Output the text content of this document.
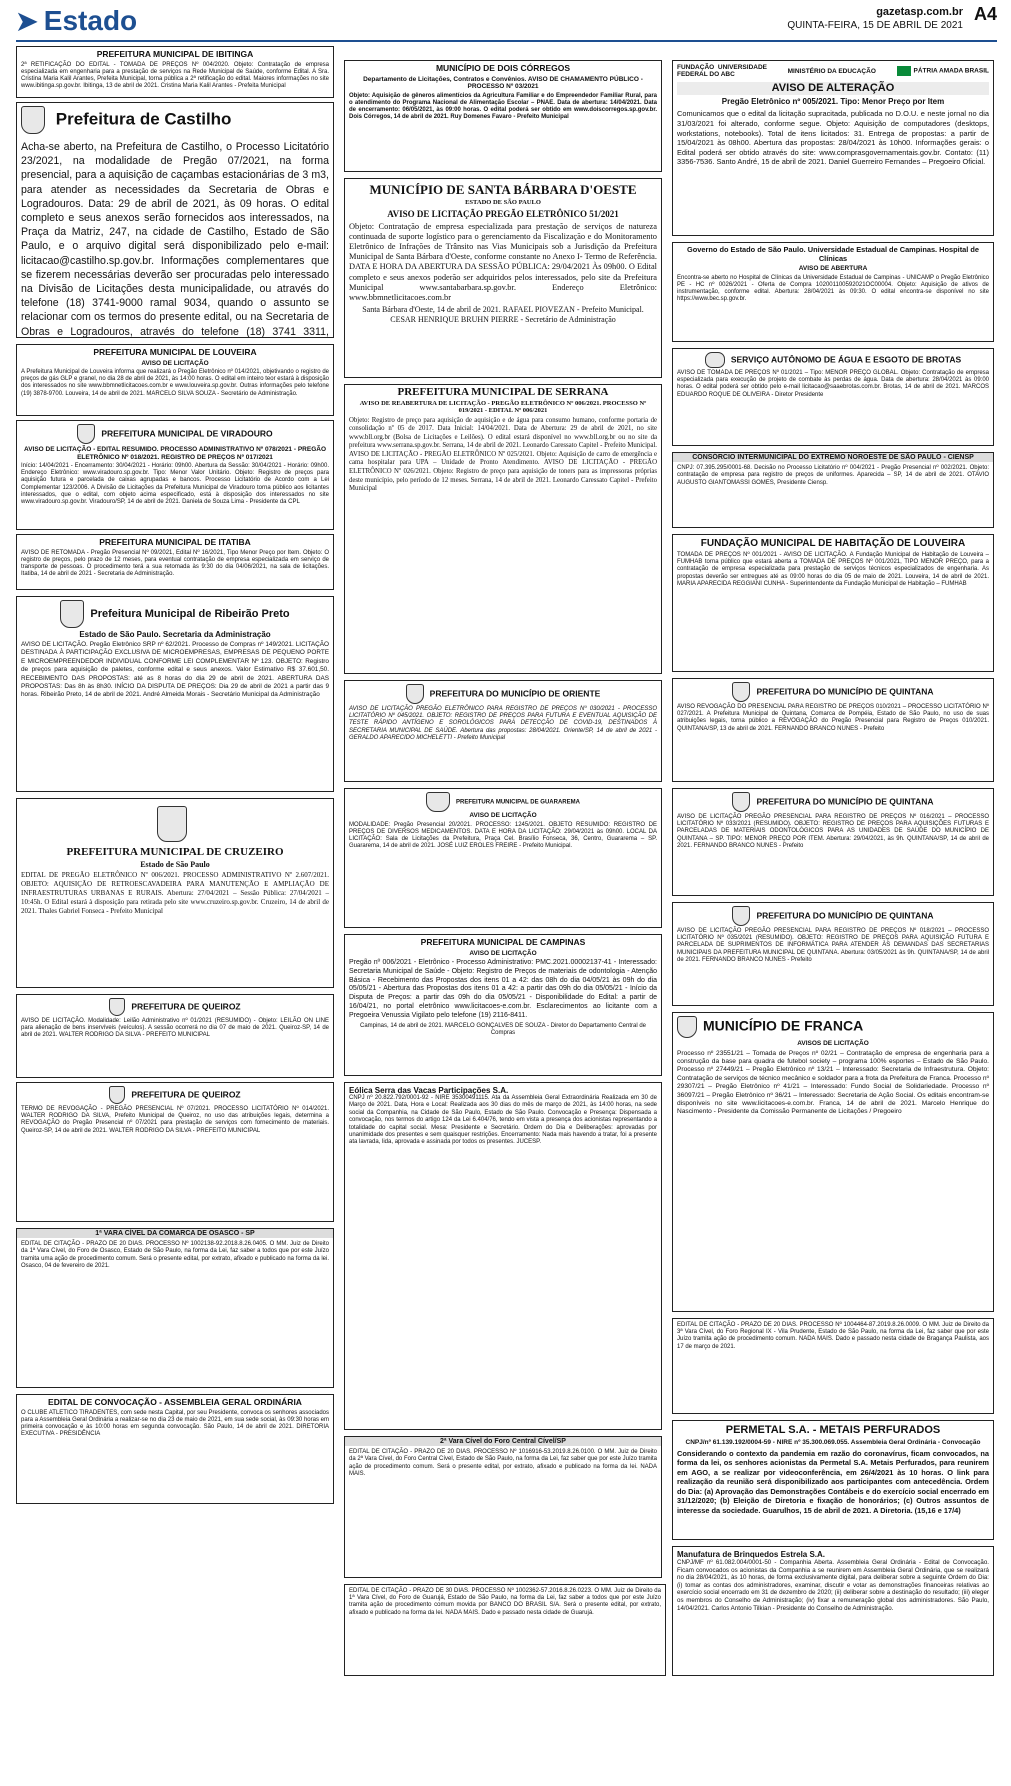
➤ Estado	gazetasp.com.br
QUINTA-FEIRA, 15 DE ABRIL DE 2021
A4
PREFEITURA MUNICIPAL DE IBITINGA
2ª RETIFICAÇÃO DO EDITAL - TOMADA DE PREÇOS Nº 004/2020. Objeto: Contratação de empresa especializada em engenharia para a prestação de serviços na Rede Municipal de Saúde, conforme Edital. A Sra. Cristina Maria Kalil Arantes, Prefeita Municipal, torna pública a 2ª retificação do edital. Maiores informações no site www.ibitinga.sp.gov.br. Ibitinga, 13 de abril de 2021. Cristina Maria Kalil Arantes - Prefeita Municipal
Prefeitura de Castilho
Acha-se aberto, na Prefeitura de Castilho, o Processo Licitatório 23/2021, na modalidade de Pregão 07/2021, na forma presencial, para a aquisição de caçambas estacionárias de 3 m3, para atender as necessidades da Secretaria de Obras e Logradouros. Data: 29 de abril de 2021, às 09 horas. O edital completo e seus anexos serão fornecidos aos interessados, na Praça da Matriz, 247, na cidade de Castilho, Estado de São Paulo, e o arquivo digital será disponibilizado pelo e-mail: licitacao@castilho.sp.gov.br. Informações complementares que se fizerem necessárias deverão ser procuradas pelo interessado na Divisão de Licitações desta municipalidade, ou através do telefone (18) 3741-9000 ramal 9034, quando o assunto se relacionar com os termos do presente edital, ou na Secretaria de Obras e Logradouros, através do telefone (18) 3741 3311,
PREFEITURA MUNICIPAL DE LOUVEIRA
AVISO DE LICITAÇÃO
A Prefeitura Municipal de Louveira informa que realizará o Pregão Eletrônico nº 014/2021, objetivando o registro de preços de gás GLP e granel, no dia 28 de abril de 2021, às 14:00 horas. O edital em inteiro teor estará à disposição dos interessados no site www.bbmnetlicitacoes.com.br e www.louveira.sp.gov.br. Outras informações pelo telefone (19) 3878-9700. Louveira, 14 de abril de 2021. MARCELO SILVA SOUZA - Secretário de Administração.
PREFEITURA MUNICIPAL DE VIRADOURO
AVISO DE LICITAÇÃO - EDITAL RESUMIDO. PROCESSO ADMINISTRATIVO Nº 078/2021 - PREGÃO ELETRÔNICO Nº 018/2021. REGISTRO DE PREÇOS Nº 017/2021
Início: 14/04/2021 - Encerramento: 30/04/2021 - Horário: 09h00. Abertura da Sessão: 30/04/2021 - Horário: 09h00. Endereço Eletrônico: www.viradouro.sp.gov.br. Tipo: Menor Valor Unitário. Objeto: Registro de preços para aquisição futura e parcelada de caixas agrupadas e bancos. Processo Licitatório de Acordo com a Lei Complementar 123/2006. A Divisão de Licitações da Prefeitura Municipal de Viradouro torna público aos licitantes interessados, que o edital, com objeto acima especificado, está à disposição dos interessados no site www.viradouro.sp.gov.br. Viradouro/SP, 14 de abril de 2021. Daniela de Souza Lima - Presidente da CPL
PREFEITURA MUNICIPAL DE ITATIBA
AVISO DE RETOMADA - Pregão Presencial Nº 09/2021, Edital Nº 16/2021, Tipo Menor Preço por Item. Objeto: O registro de preços, pelo prazo de 12 meses, para eventual contratação de empresa especializada em serviço de transporte de pessoas. O procedimento terá a sua retomada às 9:30 do dia 04/06/2021, na sala de licitações. Itatiba, 14 de abril de 2021 - Secretaria de Administração.
Prefeitura Municipal de Ribeirão Preto
Estado de São Paulo. Secretaria da Administração
AVISO DE LICITAÇÃO. Pregão Eletrônico SRP nº 62/2021. Processo de Compras nº 149/2021. LICITAÇÃO DESTINADA À PARTICIPAÇÃO EXCLUSIVA DE MICROEMPRESAS, EMPRESAS DE PEQUENO PORTE E MICROEMPREENDEDOR INDIVIDUAL CONFORME LEI COMPLEMENTAR Nº 123. OBJETO: Registro de preços para aquisição de paletes, conforme edital e seus anexos. Valor Estimativo R$ 37.601,50. RECEBIMENTO DAS PROPOSTAS: até as 8 horas do dia 29 de abril de 2021. ABERTURA DAS PROPOSTAS: Das 8h às 8h30. INÍCIO DA DISPUTA DE PREÇOS: Dia 29 de abril de 2021 a partir das 9 horas. Ribeirão Preto, 14 de abril de 2021. André Almeida Morais - Secretário Municipal da Administração
PREFEITURA MUNICIPAL DE CRUZEIRO
Estado de São Paulo
EDITAL DE PREGÃO ELETRÔNICO Nº 006/2021. PROCESSO ADMINISTRATIVO Nº 2.607/2021. OBJETO: AQUISIÇÃO DE RETROESCAVADEIRA PARA MANUTENÇÃO E AMPLIAÇÃO DE INFRAESTRUTURAS URBANAS E RURAIS. Abertura: 27/04/2021 – Sessão Pública: 27/04/2021 – 10:45h. O Edital estará à disposição para retirada pelo site www.cruzeiro.sp.gov.br. Cruzeiro, 14 de abril de 2021. Thales Gabriel Fonseca - Prefeito Municipal
PREFEITURA DE QUEIROZ
AVISO DE LICITAÇÃO. Modalidade: Leilão Administrativo nº 01/2021 (RESUMIDO) - Objeto: LEILÃO ON LINE para alienação de bens inservíveis (veículos). A sessão ocorrerá no dia 07 de maio de 2021. Queiroz-SP, 14 de abril de 2021. WALTER RODRIGO DA SILVA - PREFEITO MUNICIPAL
PREFEITURA DE QUEIROZ
TERMO DE REVOGAÇÃO - PREGÃO PRESENCIAL Nº 07/2021. PROCESSO LICITATÓRIO Nº 014/2021. WALTER RODRIGO DA SILVA, Prefeito Municipal de Queiroz, no uso das atribuições legais, determina a REVOGAÇÃO do Pregão Presencial nº 07/2021 para prestação de serviços com fornecimento de materiais. Queiroz-SP, 14 de abril de 2021. WALTER RODRIGO DA SILVA - PREFEITO MUNICIPAL
1ª VARA CÍVEL DA COMARCA DE OSASCO - SP
EDITAL DE CITAÇÃO - PRAZO DE 20 DIAS. PROCESSO Nº 1002138-92.2018.8.26.0405. O MM. Juiz de Direito da 1ª Vara Cível, do Foro de Osasco, Estado de São Paulo, na forma da Lei, faz saber a todos que por este Juízo tramita uma ação de procedimento comum. Será o presente edital, por extrato, afixado e publicado na forma da lei. Osasco, 04 de fevereiro de 2021.
EDITAL DE CONVOCAÇÃO - ASSEMBLEIA GERAL ORDINÁRIA
O CLUBE ATLETICO TIRADENTES, com sede nesta Capital, por seu Presidente, convoca os senhores associados para a Assembleia Geral Ordinária a realizar-se no dia 23 de maio de 2021, em sua sede social, às 09:30 horas em primeira convocação e às 10:00 horas em segunda convocação. São Paulo, 14 de abril de 2021. DIRETORIA EXECUTIVA - PRESIDÊNCIA
MUNICÍPIO DE DOIS CÓRREGOS
Departamento de Licitações, Contratos e Convênios. AVISO DE CHAMAMENTO PÚBLICO - PROCESSO Nº 03/2021
Objeto: Aquisição de gêneros alimentícios da Agricultura Familiar e do Empreendedor Familiar Rural, para o atendimento do Programa Nacional de Alimentação Escolar – PNAE. Data de abertura: 14/04/2021. Data de encerramento: 06/05/2021, às 09:00 horas. O edital poderá ser obtido em www.doiscorregos.sp.gov.br. Dois Córregos, 14 de abril de 2021. Ruy Domenes Favaro - Prefeito Municipal
MUNICÍPIO DE SANTA BÁRBARA D'OESTE
ESTADO DE SÃO PAULO
AVISO DE LICITAÇÃO PREGÃO ELETRÔNICO 51/2021
Objeto: Contratação de empresa especializada para prestação de serviços de natureza continuada de suporte logístico para o gerenciamento da Fiscalização e do Monitoramento Eletrônico de Infrações de Trânsito nas Vias Municipais sob a Jurisdição da Prefeitura Municipal de Santa Bárbara d'Oeste, conforme constante no Anexo I- Termo de Referência. DATA E HORA DA ABERTURA DA SESSÃO PÚBLICA: 29/04/2021 Às 09h00. O Edital completo e seus anexos poderão ser adquiridos pelos interessados, pelo site da Prefeitura Municipal www.santabarbara.sp.gov.br. Endereço Eletrônico: www.bbmnetlicitacoes.com.br
Santa Bárbara d'Oeste, 14 de abril de 2021. RAFAEL PIOVEZAN - Prefeito Municipal. CESAR HENRIQUE BRUHN PIERRE - Secretário de Administração
PREFEITURA MUNICIPAL DE SERRANA
AVISO DE REABERTURA DE LICITAÇÃO - PREGÃO ELETRÔNICO Nº 006/2021. PROCESSO Nº 019/2021 - EDITAL Nº 006/2021
Objeto: Registro de preço para aquisição de aquisição e de água para consumo humano, conforme portaria de consolidação nº 05 de 2017. Data Inicial: 14/04/2021. Data de Abertura: 29 de abril de 2021, no site www.bll.org.br (Bolsa de Licitações e Leilões). O edital estará disponível no www.bll.org.br ou no site da prefeitura www.serrana.sp.gov.br. Serrana, 14 de abril de 2021. Leonardo Caressato Capitel - Prefeito Municipal. AVISO DE LICITAÇÃO - PREGÃO ELETRÔNICO Nº 025/2021. Objeto: Aquisição de carro de emergência e cama hospitalar para UPA – Unidade de Pronto Atendimento. AVISO DE LICITAÇÃO - PREGÃO ELETRÔNICO Nº 026/2021. Objeto: Registro de preço para aquisição de toners para as impressoras próprias deste município, pelo período de 12 meses. Serrana, 14 de abril de 2021. Leonardo Caressato Capitel - Prefeito Municipal
PREFEITURA DO MUNICÍPIO DE ORIENTE
AVISO DE LICITAÇÃO PREGÃO ELETRÔNICO PARA REGISTRO DE PREÇOS Nº 030/2021 - PROCESSO LICITATÓRIO Nº 045/2021. OBJETO: REGISTRO DE PREÇOS PARA FUTURA E EVENTUAL AQUISIÇÃO DE TESTE RÁPIDO ANTÍGENO E SOROLÓGICOS PARA DETECÇÃO DE COVID-19, DESTINADOS À SECRETARIA MUNICIPAL DE SAÚDE. Abertura das propostas: 28/04/2021. Oriente/SP, 14 de abril de 2021 - GERALDO APARECIDO MICHELETTI - Prefeito Municipal
PREFEITURA MUNICIPAL DE GUARAREMA
AVISO DE LICITAÇÃO
MODALIDADE: Pregão Presencial 20/2021. PROCESSO: 1245/2021. OBJETO RESUMIDO: REGISTRO DE PREÇOS DE DIVERSOS MEDICAMENTOS. DATA E HORA DA LICITAÇÃO: 29/04/2021 às 09h00. LOCAL DA LICITAÇÃO: Sala de Licitações da Prefeitura, Praça Cel. Brasílio Fonseca, 36, Centro, Guararema – SP. Guararema, 14 de abril de 2021. JOSÉ LUIZ EROLES FREIRE - Prefeito Municipal.
PREFEITURA MUNICIPAL DE CAMPINAS
AVISO DE LICITAÇÃO
Pregão nº 006/2021 - Eletrônico - Processo Administrativo: PMC.2021.00002137-41 - Interessado: Secretaria Municipal de Saúde - Objeto: Registro de Preços de materiais de odontologia - Atenção Básica - Recebimento das Propostas dos itens 01 a 42: das 08h do dia 04/05/21 às 09h do dia 05/05/21 - Abertura das Propostas dos itens 01 a 42: a partir das 09h do dia 05/05/21 - Início da Disputa de Preços: a partir das 09h do dia 05/05/21 - Disponibilidade do Edital: a partir de 16/04/21, no portal eletrônico www.licitacoes-e.com.br. Esclarecimentos ao licitante com a Pregoeira Venussia Vigilato pelo telefone (19) 2116-8411.
Campinas, 14 de abril de 2021. MARCELO GONÇALVES DE SOUZA - Diretor do Departamento Central de Compras
Eólica Serra das Vacas Participações S.A.
CNPJ nº 20.822.792/0001-92 - NIRE 35300491115. Ata da Assembleia Geral Extraordinária Realizada em 30 de Março de 2021. Data, Hora e Local: Realizada aos 30 dias do mês de março de 2021, às 14:00 horas, na sede social da Companhia, na Cidade de São Paulo, Estado de São Paulo. Convocação e Presença: Dispensada a convocação, nos termos do artigo 124 da Lei 6.404/76, tendo em vista a presença dos acionistas representando a totalidade do capital social. Mesa: Presidente e Secretário. Ordem do Dia e Deliberações: aprovadas por unanimidade dos presentes e sem quaisquer restrições. Encerramento: Nada mais havendo a tratar, foi a presente ata lavrada, lida, aprovada e assinada por todos os presentes. JUCESP.
2ª Vara Cível do Foro Central Cível/SP
EDITAL DE CITAÇÃO - PRAZO DE 20 DIAS. PROCESSO Nº 1016916-53.2019.8.26.0100. O MM. Juiz de Direito da 2ª Vara Cível, do Foro Central Cível, Estado de São Paulo, na forma da Lei, faz saber que por este Juízo tramita ação de procedimento comum. Será o presente edital, por extrato, afixado e publicado na forma da lei. NADA MAIS.
FUNDAÇÃO UNIVERSIDADE FEDERAL DO ABC
MINISTÉRIO DA EDUCAÇÃO	PÁTRIA AMADA BRASIL
AVISO DE ALTERAÇÃO
Pregão Eletrônico nº 005/2021. Tipo: Menor Preço por Item
Comunicamos que o edital da licitação supracitada, publicada no D.O.U. e neste jornal no dia 31/03/2021 foi alterado, conforme segue. Objeto: Aquisição de computadores (desktops, workstations, notebooks). Total de itens licitados: 31. Entrega de propostas: a partir de 15/04/2021 às 08h00. Abertura das propostas: 28/04/2021 às 10h00. Informações gerais: o Edital poderá ser obtido através do site: www.comprasgovernamentais.gov.br. Contato: (11) 3356-7536. Santo André, 15 de abril de 2021. Daniel Guerreiro Fernandes – Pregoeiro Oficial.
Governo do Estado de São Paulo. Universidade Estadual de Campinas. Hospital de Clínicas
AVISO DE ABERTURA
Encontra-se aberto no Hospital de Clínicas da Universidade Estadual de Campinas - UNICAMP o Pregão Eletrônico PE - HC nº 0026/2021 - Oferta de Compra 102001100592021OC00004. Objeto: Aquisição de ativos de instrumentação, conforme edital. Abertura: 28/04/2021 às 09:30. O edital encontra-se disponível no site https://www.bec.sp.gov.br.
SERVIÇO AUTÔNOMO DE ÁGUA E ESGOTO DE BROTAS
AVISO DE TOMADA DE PREÇOS Nº 01/2021 – Tipo: MENOR PREÇO GLOBAL. Objeto: Contratação de empresa especializada para execução de projeto de combate às perdas de água. Data de abertura: 28/04/2021 às 09:00 horas. O edital poderá ser obtido pelo e-mail licitacao@saaebrotas.com.br. Brotas, 14 de abril de 2021. MARCOS EDUARDO ROQUE DE OLIVEIRA - Diretor Presidente
CONSÓRCIO INTERMUNICIPAL DO EXTREMO NOROESTE DE SÃO PAULO - CIENSP
CNPJ: 07.395.295/0001-68. Decisão no Processo Licitatório nº 004/2021 - Pregão Presencial nº 002/2021. Objeto: contratação de empresa para registro de preços de uniformes. Aparecida – SP, 14 de abril de 2021. OTAVIO AUGUSTO GIANTOMASSI GOMES, Presidente Ciensp.
FUNDAÇÃO MUNICIPAL DE HABITAÇÃO DE LOUVEIRA
TOMADA DE PREÇOS Nº 001/2021 - AVISO DE LICITAÇÃO. A Fundação Municipal de Habitação de Louveira – FUMHAB torna público que estará aberta a TOMADA DE PREÇOS Nº 001/2021, TIPO MENOR PREÇO, para a contratação de empresa especializada para prestação de serviços técnicos especializados de engenharia. As propostas deverão ser entregues até as 09:00 horas do dia 05 de maio de 2021. Louveira, 14 de abril de 2021. MARIA APARECIDA REGGIANI CUNHA - Superintendente da Fundação Municipal de Habitação – FUMHAB
PREFEITURA DO MUNICÍPIO DE QUINTANA
AVISO REVOGAÇÃO DO PRESENCIAL PARA REGISTRO DE PREÇOS 010/2021 – PROCESSO LICITATÓRIO Nº 027/2021. A Prefeitura Municipal de Quintana, Comarca de Pompéia, Estado de São Paulo, no uso de suas atribuições legais, torna público a REVOGAÇÃO do Pregão Presencial para Registro de Preços 010/2021. QUINTANA/SP, 13 de abril de 2021. FERNANDO BRANCO NUNES - Prefeito
PREFEITURA DO MUNICÍPIO DE QUINTANA
AVISO DE LICITAÇÃO PREGÃO PRESENCIAL PARA REGISTRO DE PREÇOS Nº 016/2021 – PROCESSO LICITATÓRIO Nº 033/2021 (RESUMIDO). OBJETO: REGISTRO DE PREÇOS PARA AQUISIÇÕES FUTURAS E PARCELADAS DE MATERIAIS ODONTOLÓGICOS PARA AS UNIDADES DE SAÚDE DO MUNICÍPIO DE QUINTANA – SP. TIPO: MENOR PREÇO POR ITEM. Abertura: 29/04/2021, às 9h. QUINTANA/SP, 14 de abril de 2021. FERNANDO BRANCO NUNES - Prefeito
PREFEITURA DO MUNICÍPIO DE QUINTANA
AVISO DE LICITAÇÃO PREGÃO PRESENCIAL PARA REGISTRO DE PREÇOS Nº 018/2021 – PROCESSO LICITATÓRIO Nº 035/2021 (RESUMIDO). OBJETO: REGISTRO DE PREÇOS PARA AQUISIÇÃO FUTURA E PARCELADA DE SUPRIMENTOS DE INFORMÁTICA PARA ATENDER ÀS DEMANDAS DAS SECRETARIAS MUNICIPAIS DA PREFEITURA MUNICIPAL DE QUINTANA. Abertura: 03/05/2021 às 9h. QUINTANA/SP, 14 de abril de 2021. FERNANDO BRANCO NUNES - Prefeito
MUNICÍPIO DE FRANCA
AVISOS DE LICITAÇÃO
Processo nº 23551/21 – Tomada de Preços nº 02/21 – Contratação de empresa de engenharia para a construção da base para quadra de futebol society – programa 100% esportes – Estado de São Paulo. Processo nº 27449/21 – Pregão Eletrônico nº 13/21 – Interessado: Secretaria de Infraestrutura. Objeto: Contratação de serviços de técnico mecânico e soldador para a frota da Prefeitura de Franca. Processo nº 29307/21 – Pregão Eletrônico nº 41/21 – Interessado: Fundo Social de Solidariedade. Processo nº 36097/21 – Pregão Eletrônico nº 36/21 – Interessado: Secretaria de Ação Social. Os editais encontram-se disponíveis no site www.licitacoes-e.com.br. Franca, 14 de abril de 2021. Marcelo Henrique do Nascimento - Presidente da Comissão Permanente de Licitações / Pregoeiro
EDITAL DE CITAÇÃO - PRAZO DE 20 DIAS. PROCESSO Nº 1004464-87.2019.8.26.0009. O MM. Juiz de Direito da 3ª Vara Cível, do Foro Regional IX - Vila Prudente, Estado de São Paulo, na forma da Lei, faz saber que por este Juízo tramita ação de procedimento comum. NADA MAIS. Dado e passado nesta cidade de Bragança Paulista, aos 17 de março de 2021.
PERMETAL S.A. - METAIS PERFURADOS
CNPJ/nº 61.139.192/0004-59 - NIRE nº 35.300.069.055. Assembleia Geral Ordinária - Convocação
Considerando o contexto da pandemia em razão do coronavírus, ficam convocados, na forma da lei, os senhores acionistas da Permetal S.A. Metais Perfurados, para reunirem em AGO, a se realizar por videoconferência, em 26/4/2021 às 10 horas. O link para realização da reunião será disponibilizado aos participantes com antecedência. Ordem do Dia: (a) Aprovação das Demonstrações Contábeis e do exercício social encerrado em 31/12/2020; (b) Eleição de Diretoria e fixação de honorários; (c) Outros assuntos de interesse da sociedade. Guarulhos, 15 de abril de 2021. A Diretoria. (15,16 e 17/4)
Manufatura de Brinquedos Estrela S.A.
CNPJ/MF nº 61.082.004/0001-50 - Companhia Aberta. Assembleia Geral Ordinária - Edital de Convocação. Ficam convocados os acionistas da Companhia a se reunirem em Assembleia Geral Ordinária, que se realizará no dia 28/04/2021, às 10 horas, de forma exclusivamente digital, para deliberar sobre a seguinte Ordem do Dia: (i) tomar as contas dos administradores, examinar, discutir e votar as demonstrações financeiras relativas ao exercício social encerrado em 31 de dezembro de 2020; (ii) deliberar sobre a destinação do resultado; (iii) eleger os membros do Conselho de Administração; (iv) fixar a remuneração global dos administradores. São Paulo, 14/04/2021. Carlos Antonio Tilkian - Presidente do Conselho de Administração.
EDITAL DE CITAÇÃO - PRAZO DE 30 DIAS. PROCESSO Nº 1002362-57.2016.8.26.0223. O MM. Juiz de Direito da 1ª Vara Cível, do Foro de Guarujá, Estado de São Paulo, na forma da Lei, faz saber a todos que por este Juízo tramita ação de procedimento comum movida por BANCO DO BRASIL S/A. Será o presente edital, por extrato, afixado e publicado na forma da lei. NADA MAIS. Dado e passado nesta cidade de Guarujá.
